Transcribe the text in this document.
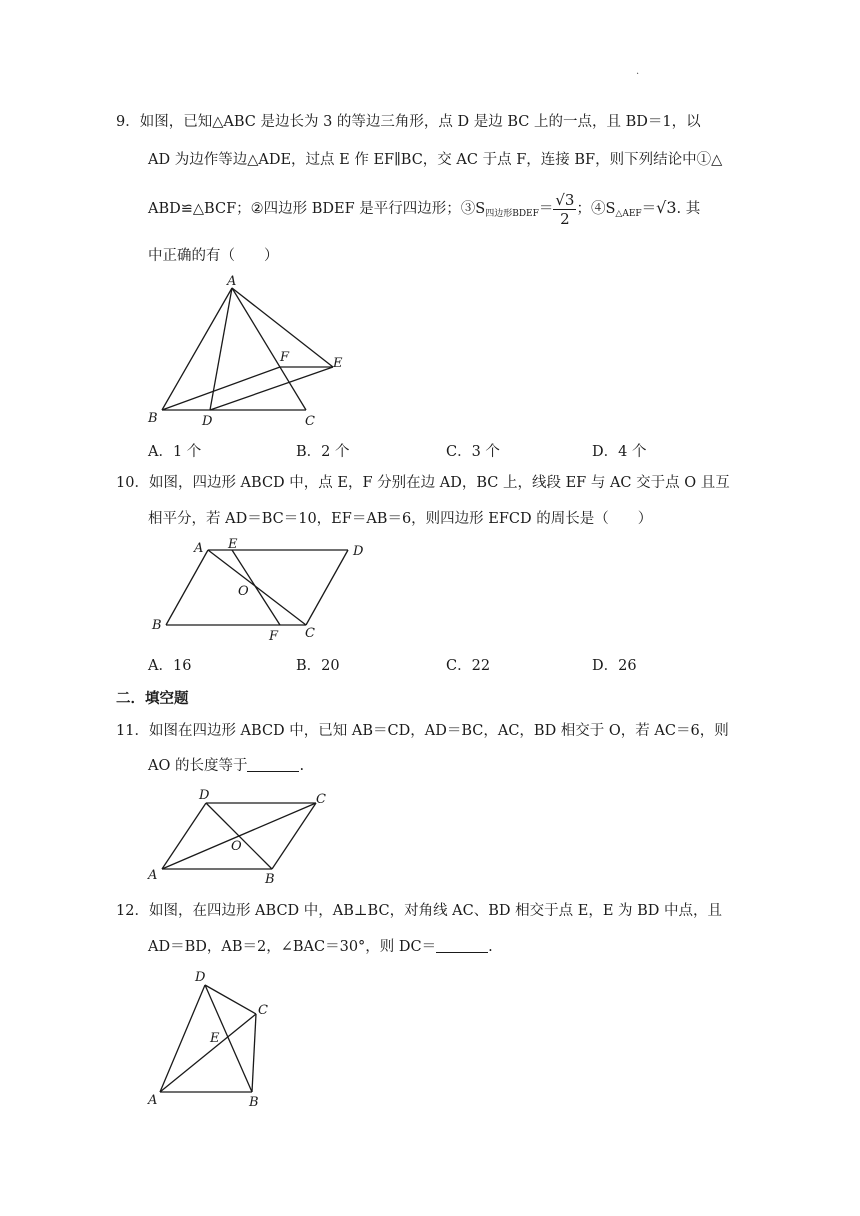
.
9．如图，已知△ABC 是边长为 3 的等边三角形，点 D 是边 BC 上的一点，且 BD＝1，以
AD 为边作等边△ADE，过点 E 作 EF∥BC，交 AC 于点 F，连接 BF，则下列结论中①△
ABD≌△BCF；②四边形 BDEF 是平行四边形；$③S_{四边形BDEF}= \frac{√3}{2}$ ；$④S_{\triangle AEF}=√3$. 其
中正确的有（　　）
A
B	D	C
F	E
A．1 个	B．2 个	C．3 个	D．4 个
10．如图，四边形 ABCD 中，点 E，F 分别在边 AD，BC 上，线段 EF 与 AC 交于点 O 且互
相平分，若 AD＝BC＝10，EF＝AB＝6，则四边形 EFCD 的周长是（　　）
A E	D
O
B
F C
A．16	B．20	C．22	D．26
二．填空题
11．如图在四边形 ABCD 中，已知 AB＝CD，AD＝BC，AC，BD 相交于 O，若 AC＝6，则
AO 的长度等于	.
D	C
O
A	B
12．如图，在四边形 ABCD 中，AB⊥BC，对角线 AC、BD 相交于点 E，E 为 BD 中点，且
AD＝BD，AB＝2，∠BAC＝30°，则 DC＝	.
D
C
E
A	B
